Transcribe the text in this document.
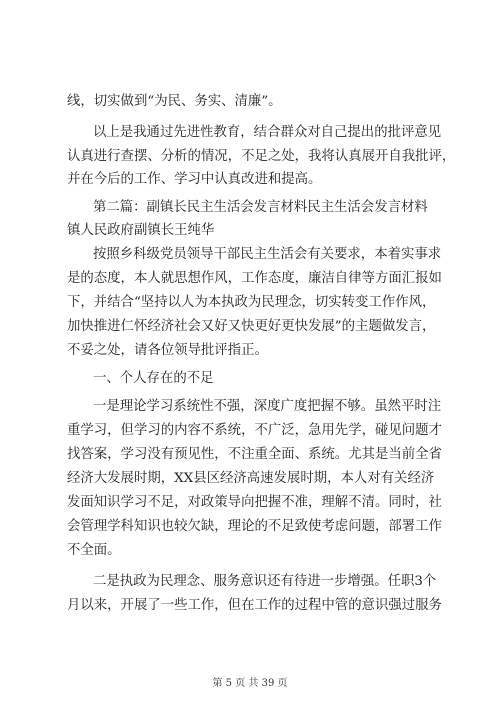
线，切实做到“为民、务实、清廉”。
以上是我通过先进性教育，结合群众对自己提出的批评意见
认真进行查摆、分析的情况，不足之处，我将认真展开自我批评，
并在今后的工作、学习中认真改进和提高。
第二篇：副镇长民主生活会发言材料民主生活会发言材料
镇人民政府副镇长王纯华
按照乡科级党员领导干部民主生活会有关要求，本着实事求
是的态度，本人就思想作风，工作态度，廉洁自律等方面汇报如
下，并结合“坚持以人为本执政为民理念，切实转变工作作风，
加快推进仁怀经济社会又好又快更好更快发展”的主题做发言，
不妥之处，请各位领导批评指正。
一、个人存在的不足
一是理论学习系统性不强，深度广度把握不够。虽然平时注
重学习，但学习的内容不系统，不广泛，急用先学，碰见问题才
找答案，学习没有预见性，不注重全面、系统。尤其是当前全省
经济大发展时期，XX县区经济高速发展时期，本人对有关经济
发面知识学习不足，对政策导向把握不准，理解不清。同时，社
会管理学科知识也较欠缺，理论的不足致使考虑问题，部署工作
不全面。
二是执政为民理念、服务意识还有待进一步增强。任职3个
月以来，开展了一些工作，但在工作的过程中管的意识强过服务
第 5 页 共 39 页
